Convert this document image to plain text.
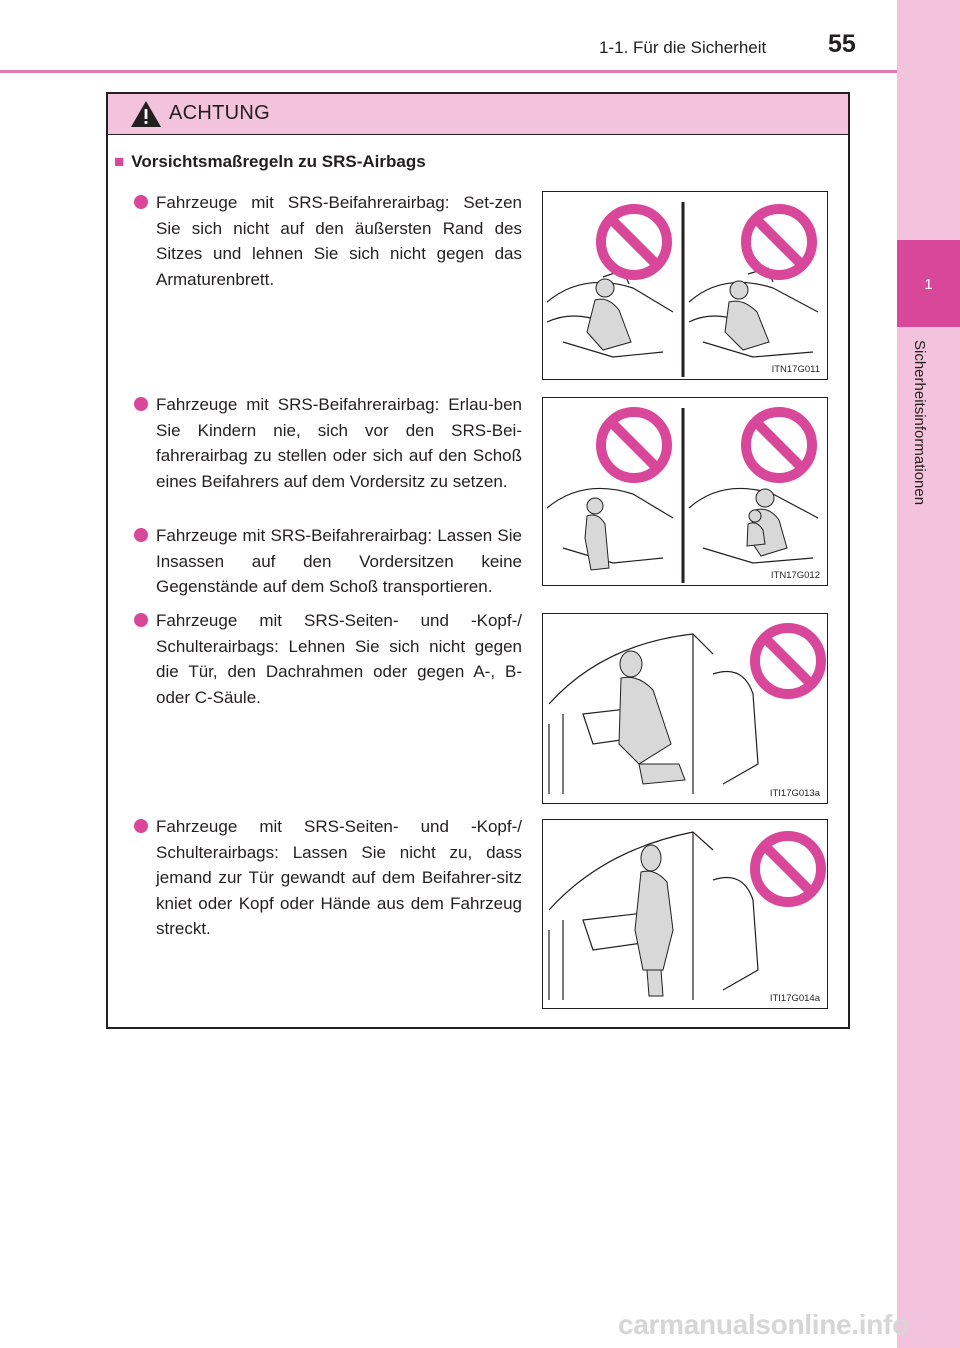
1-1. Für die Sicherheit 55
1
Sicherheitsinformationen
ACHTUNG
■ Vorsichtsmaßregeln zu SRS-Airbags
Fahrzeuge mit SRS-Beifahrerairbag: Set-zen Sie sich nicht auf den äußersten Rand des Sitzes und lehnen Sie sich nicht gegen das Armaturenbrett.
Fahrzeuge mit SRS-Beifahrerairbag: Erlau-ben Sie Kindern nie, sich vor den SRS-Bei-fahrerairbag zu stellen oder sich auf den Schoß eines Beifahrers auf dem Vordersitz zu setzen.
Fahrzeuge mit SRS-Beifahrerairbag: Lassen Sie Insassen auf den Vordersitzen keine Gegenstände auf dem Schoß transportieren.
Fahrzeuge mit SRS-Seiten- und -Kopf-/ Schulterairbags: Lehnen Sie sich nicht gegen die Tür, den Dachrahmen oder gegen A-, B- oder C-Säule.
Fahrzeuge mit SRS-Seiten- und -Kopf-/ Schulterairbags: Lassen Sie nicht zu, dass jemand zur Tür gewandt auf dem Beifahrer-sitz kniet oder Kopf oder Hände aus dem Fahrzeug streckt.
ITN17G011
ITN17G012
ITI17G013a
ITI17G014a
carmanualsonline.info
